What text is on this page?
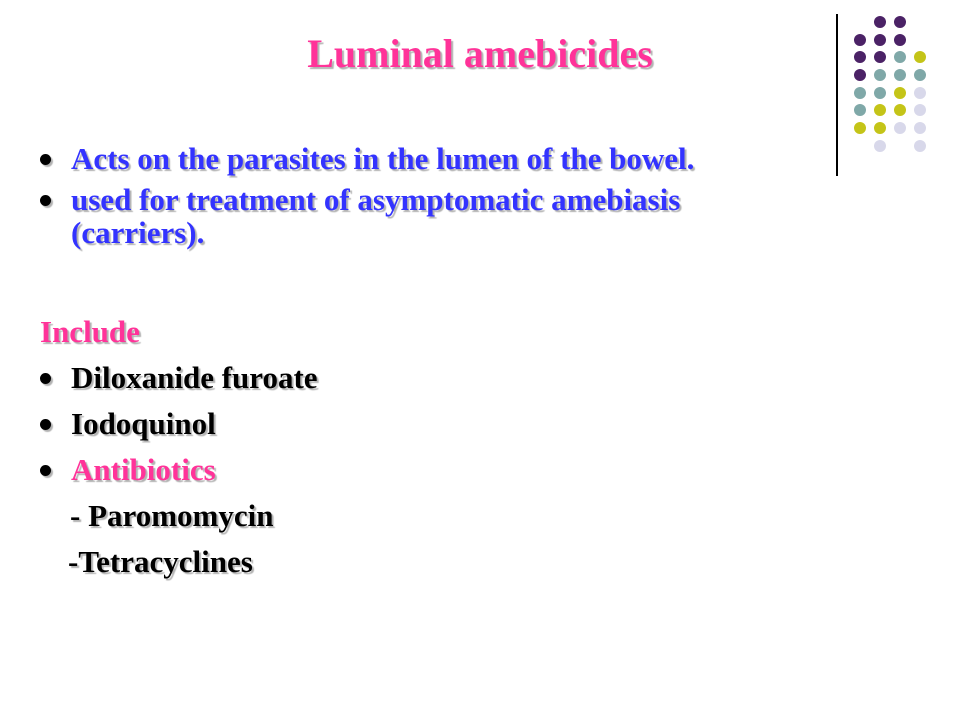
Luminal amebicides
Acts on the parasites in the lumen of the bowel.
used for treatment of asymptomatic amebiasis
(carriers).
Include
Diloxanide furoate
Iodoquinol
Antibiotics
- Paromomycin
-Tetracyclines
